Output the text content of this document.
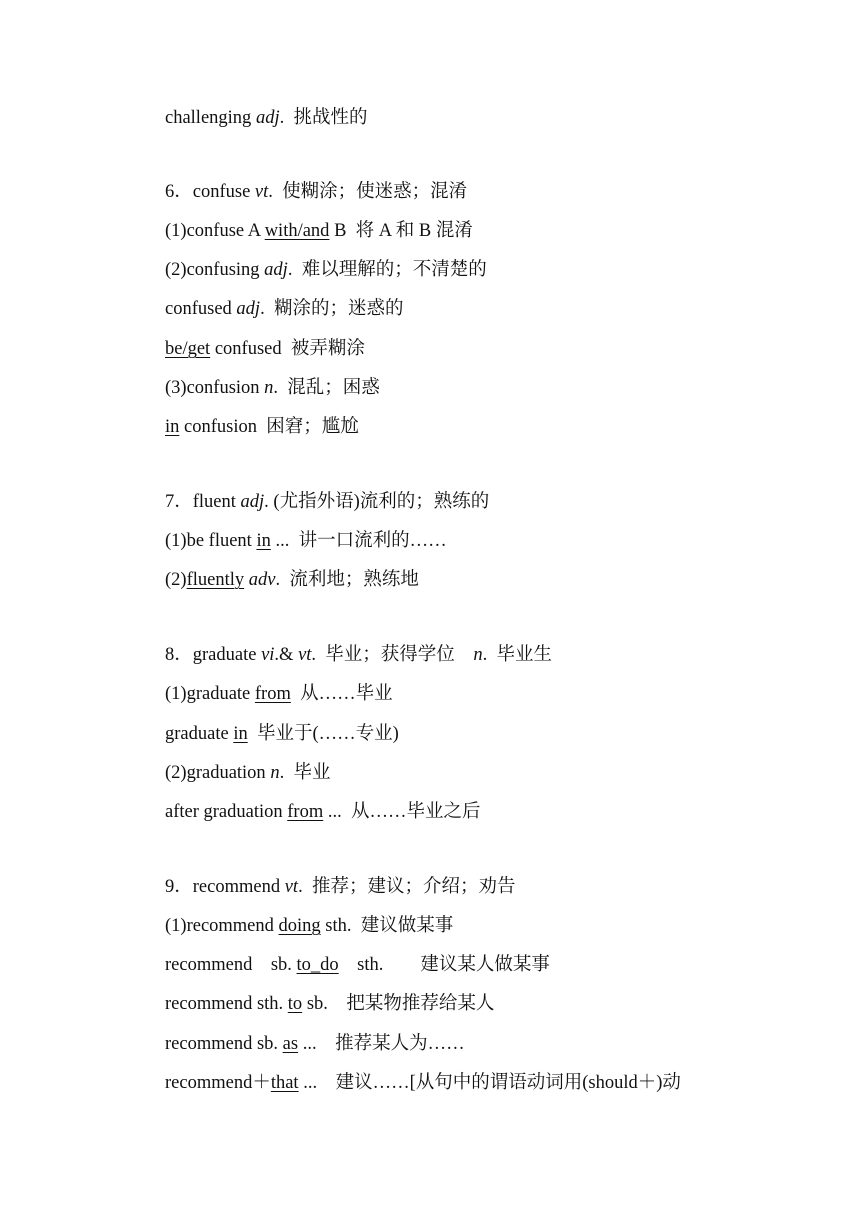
challenging adj.  挑战性的
6．confuse vt.  使糊涂；使迷惑；混淆
(1)confuse A with/and B  将 A 和 B 混淆
(2)confusing adj.  难以理解的；不清楚的
confused adj.  糊涂的；迷惑的
be/get confused  被弄糊涂
(3)confusion n.  混乱；困惑
in confusion  困窘；尴尬
7．fluent adj. (尤指外语)流利的；熟练的
(1)be fluent in ...  讲一口流利的……
(2)fluently adv.  流利地；熟练地
8．graduate vi.& vt.  毕业；获得学位    n.  毕业生
(1)graduate from  从……毕业
graduate in  毕业于(……专业)
(2)graduation n.  毕业
after graduation from ...  从……毕业之后
9．recommend vt.  推荐；建议；介绍；劝告
(1)recommend doing sth.  建议做某事
recommend    sb. to_do    sth.        建议某人做某事
recommend sth. to sb.    把某物推荐给某人
recommend sb. as ...    推荐某人为……
recommend＋that ...    建议……[从句中的谓语动词用(should＋)动
